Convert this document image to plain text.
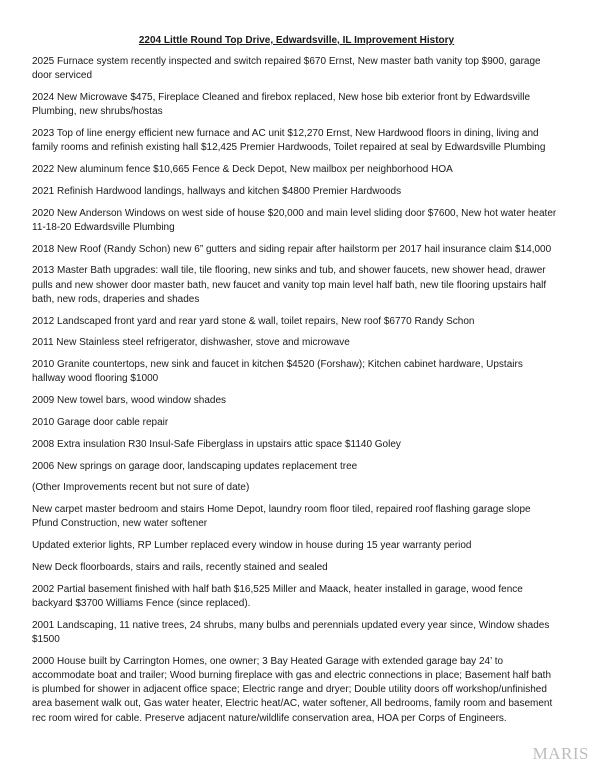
2204 Little Round Top Drive, Edwardsville, IL Improvement History
2025 Furnace system recently inspected and switch repaired $670 Ernst, New master bath vanity top $900, garage door serviced
2024 New Microwave $475, Fireplace Cleaned and firebox replaced, New hose bib exterior front by Edwardsville Plumbing, new shrubs/hostas
2023 Top of line energy efficient new furnace and AC unit $12,270 Ernst, New Hardwood floors in dining, living and family rooms and refinish existing hall $12,425 Premier Hardwoods, Toilet repaired at seal by Edwardsville Plumbing
2022 New aluminum fence $10,665 Fence & Deck Depot, New mailbox per neighborhood HOA
2021 Refinish Hardwood landings, hallways and kitchen $4800 Premier Hardwoods
2020 New Anderson Windows on west side of house $20,000 and main level sliding door $7600, New hot water heater 11-18-20 Edwardsville Plumbing
2018 New Roof (Randy Schon) new 6” gutters and siding repair after hailstorm per 2017 hail insurance claim $14,000
2013 Master Bath upgrades: wall tile, tile flooring, new sinks and tub, and shower faucets, new shower head, drawer pulls and new shower door master bath, new faucet and vanity top main level half bath, new tile flooring upstairs half bath, new rods, draperies and shades
2012 Landscaped front yard and rear yard stone & wall, toilet repairs, New roof $6770 Randy Schon
2011 New Stainless steel refrigerator, dishwasher, stove and microwave
2010 Granite countertops, new sink and faucet in kitchen $4520 (Forshaw); Kitchen cabinet hardware, Upstairs hallway wood flooring $1000
2009 New towel bars, wood window shades
2010 Garage door cable repair
2008 Extra insulation R30 Insul-Safe Fiberglass in upstairs attic space $1140 Goley
2006 New springs on garage door, landscaping updates replacement tree
(Other Improvements recent but not sure of date)
New carpet master bedroom and stairs Home Depot, laundry room floor tiled, repaired roof flashing garage slope Pfund Construction, new water softener
Updated exterior lights, RP Lumber replaced every window in house during 15 year warranty period
New Deck floorboards, stairs and rails, recently stained and sealed
2002 Partial basement finished with half bath $16,525 Miller and Maack, heater installed in garage, wood fence backyard $3700 Williams Fence (since replaced).
2001 Landscaping, 11 native trees, 24 shrubs, many bulbs and perennials updated every year since, Window shades $1500
2000 House built by Carrington Homes, one owner; 3 Bay Heated Garage with extended garage bay 24’ to accommodate boat and trailer; Wood burning fireplace with gas and electric connections in place; Basement half bath is plumbed for shower in adjacent office space; Electric range and dryer; Double utility doors off workshop/unfinished area basement walk out, Gas water heater, Electric heat/AC, water softener, All bedrooms, family room and basement rec room wired for cable. Preserve adjacent nature/wildlife conservation area, HOA per Corps of Engineers.
MARIS
